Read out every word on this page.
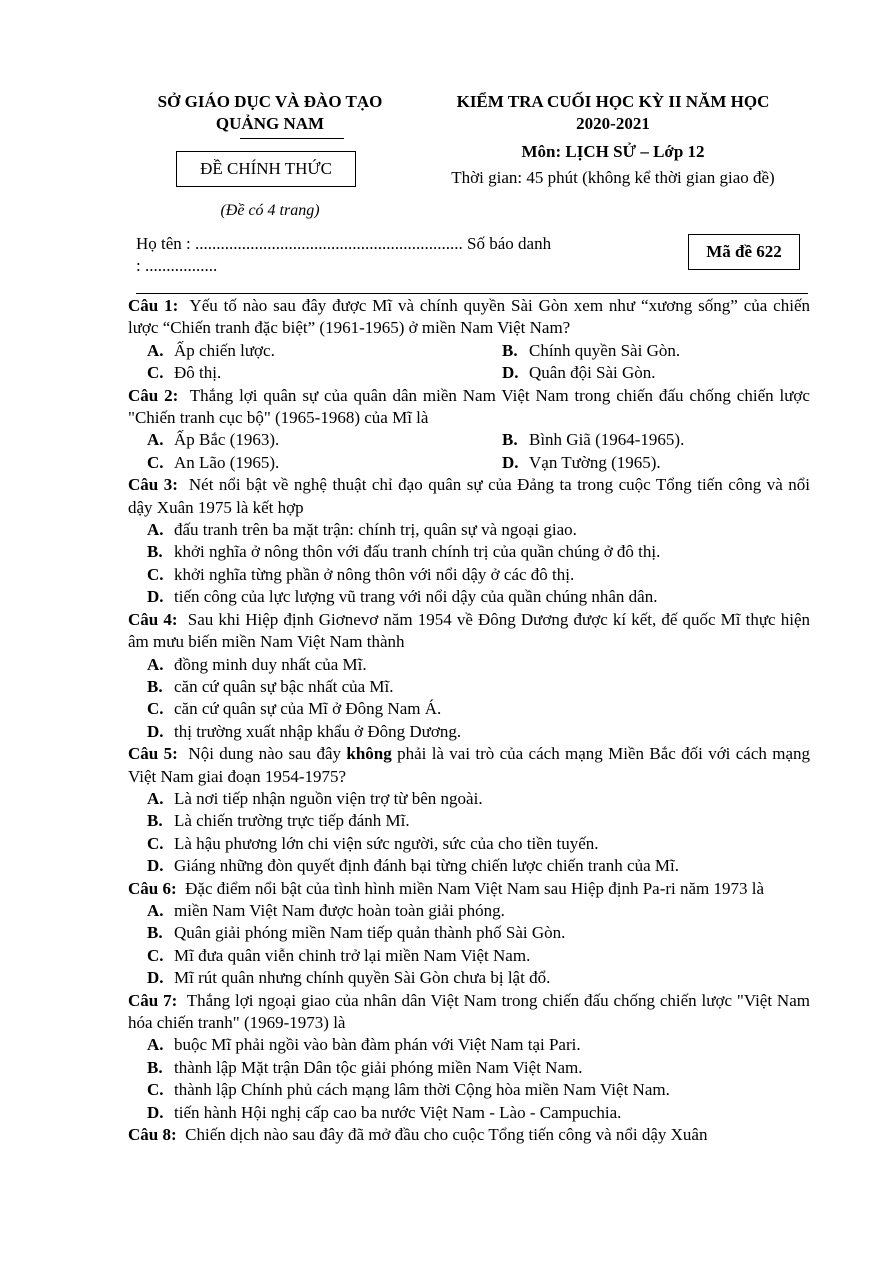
SỞ GIÁO DỤC VÀ ĐÀO TẠO
QUẢNG NAM
ĐỀ CHÍNH THỨC
(Đề có 4 trang)
KIỂM TRA CUỐI HỌC KỲ II NĂM HỌC
2020-2021
Môn: LỊCH SỬ – Lớp 12
Thời gian: 45 phút (không kể thời gian giao đề)
Họ tên : ............................................................... Số báo danh
: .................
Mã đề 622
Câu 1: Yếu tố nào sau đây được Mĩ và chính quyền Sài Gòn xem như “xương sống” của chiến lược “Chiến tranh đặc biệt” (1961-1965) ở miền Nam Việt Nam?
A. Ấp chiến lược.	B. Chính quyền Sài Gòn.
C. Đô thị.	D. Quân đội Sài Gòn.
Câu 2: Thắng lợi quân sự của quân dân miền Nam Việt Nam trong chiến đấu chống chiến lược "Chiến tranh cục bộ" (1965-1968) của Mĩ là
A. Ấp Bắc (1963).	B. Bình Giã (1964-1965).
C. An Lão (1965).	D. Vạn Tường (1965).
Câu 3: Nét nổi bật về nghệ thuật chỉ đạo quân sự của Đảng ta trong cuộc Tổng tiến công và nổi dậy Xuân 1975 là kết hợp
A. đấu tranh trên ba mặt trận: chính trị, quân sự và ngoại giao.
B. khởi nghĩa ở nông thôn với đấu tranh chính trị của quần chúng ở đô thị.
C. khởi nghĩa từng phần ở nông thôn với nổi dậy ở các đô thị.
D. tiến công của lực lượng vũ trang với nổi dậy của quần chúng nhân dân.
Câu 4: Sau khi Hiệp định Giơnevơ năm 1954 về Đông Dương được kí kết, đế quốc Mĩ thực hiện âm mưu biến miền Nam Việt Nam thành
A. đồng minh duy nhất của Mĩ.
B. căn cứ quân sự bậc nhất của Mĩ.
C. căn cứ quân sự của Mĩ ở Đông Nam Á.
D. thị trường xuất nhập khẩu ở Đông Dương.
Câu 5: Nội dung nào sau đây không phải là vai trò của cách mạng Miền Bắc đối với cách mạng Việt Nam giai đoạn 1954-1975?
A. Là nơi tiếp nhận nguồn viện trợ từ bên ngoài.
B. Là chiến trường trực tiếp đánh Mĩ.
C. Là hậu phương lớn chi viện sức người, sức của cho tiền tuyến.
D. Giáng những đòn quyết định đánh bại từng chiến lược chiến tranh của Mĩ.
Câu 6: Đặc điểm nổi bật của tình hình miền Nam Việt Nam sau Hiệp định Pa-ri năm 1973 là
A. miền Nam Việt Nam được hoàn toàn giải phóng.
B. Quân giải phóng miền Nam tiếp quản thành phố Sài Gòn.
C. Mĩ đưa quân viễn chinh trở lại miền Nam Việt Nam.
D. Mĩ rút quân nhưng chính quyền Sài Gòn chưa bị lật đổ.
Câu 7: Thắng lợi ngoại giao của nhân dân Việt Nam trong chiến đấu chống chiến lược "Việt Nam hóa chiến tranh" (1969-1973) là
A. buộc Mĩ phải ngồi vào bàn đàm phán với Việt Nam tại Pari.
B. thành lập Mặt trận Dân tộc giải phóng miền Nam Việt Nam.
C. thành lập Chính phủ cách mạng lâm thời Cộng hòa miền Nam Việt Nam.
D. tiến hành Hội nghị cấp cao ba nước Việt Nam - Lào - Campuchia.
Câu 8: Chiến dịch nào sau đây đã mở đầu cho cuộc Tổng tiến công và nổi dậy Xuân
